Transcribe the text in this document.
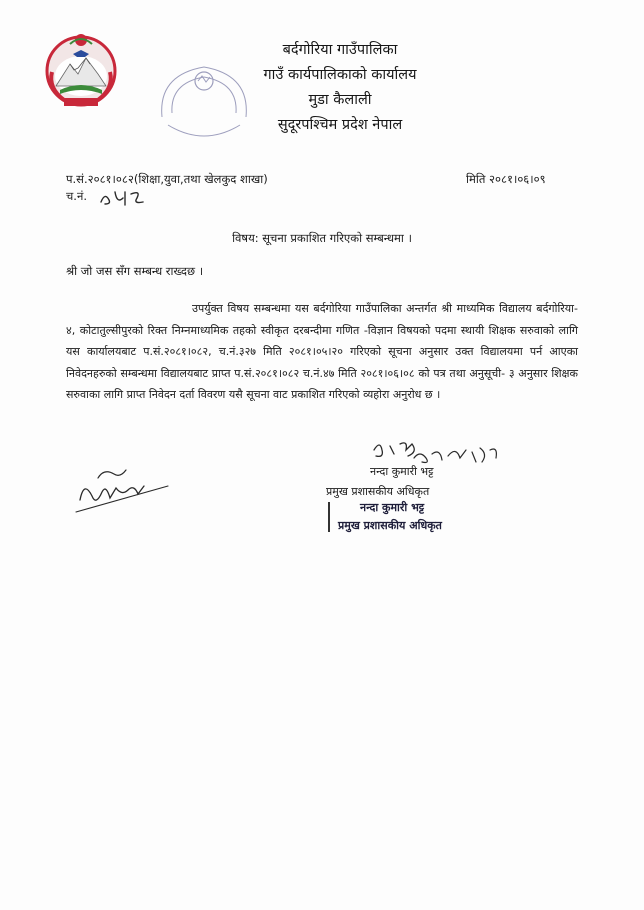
बर्दगोरिया गाउँपालिका
गाउँ कार्यपालिकाको कार्यालय
मुडा कैलाली
सुदूरपश्चिम प्रदेश नेपाल
प.सं.२०८१।०८२(शिक्षा,युवा,तथा खेलकुद शाखा)
च.नं.
मिति २०८१।०६।०९
विषय: सूचना प्रकाशित गरिएको सम्बन्धमा ।
श्री जो जस सँग सम्बन्ध राख्दछ ।

उपर्युक्त विषय सम्बन्धमा यस बर्दगोरिया गाउँपालिका अन्तर्गत श्री माध्यमिक विद्यालय बर्दगोरिया- ४, कोटातुल्सीपुरको रिक्त निम्नमाध्यमिक तहको स्वीकृत दरबन्दीमा गणित -विज्ञान विषयको पदमा स्थायी शिक्षक सरुवाको लागि यस कार्यालयबाट प.सं.२०८१।०८२, च.नं.३२७ मिति २०८१।०५।२० गरिएको सूचना अनुसार उक्त विद्यालयमा पर्न आएका निवेदनहरुको सम्बन्धमा विद्यालयबाट प्राप्त प.सं.२०८१।०८२ च.नं.४७ मिति २०८१।०६।०८ को पत्र तथा अनुसूची- ३ अनुसार शिक्षक सरुवाका लागि प्राप्त निवेदन दर्ता विवरण यसै सूचना वाट प्रकाशित गरिएको व्यहोरा अनुरोध छ ।

नन्दा कुमारी भट्ट
प्रमुख प्रशासकीय अधिकृत
नन्दा कुमारी भट्ट
प्रमुख प्रशासकीय अधिकृत
